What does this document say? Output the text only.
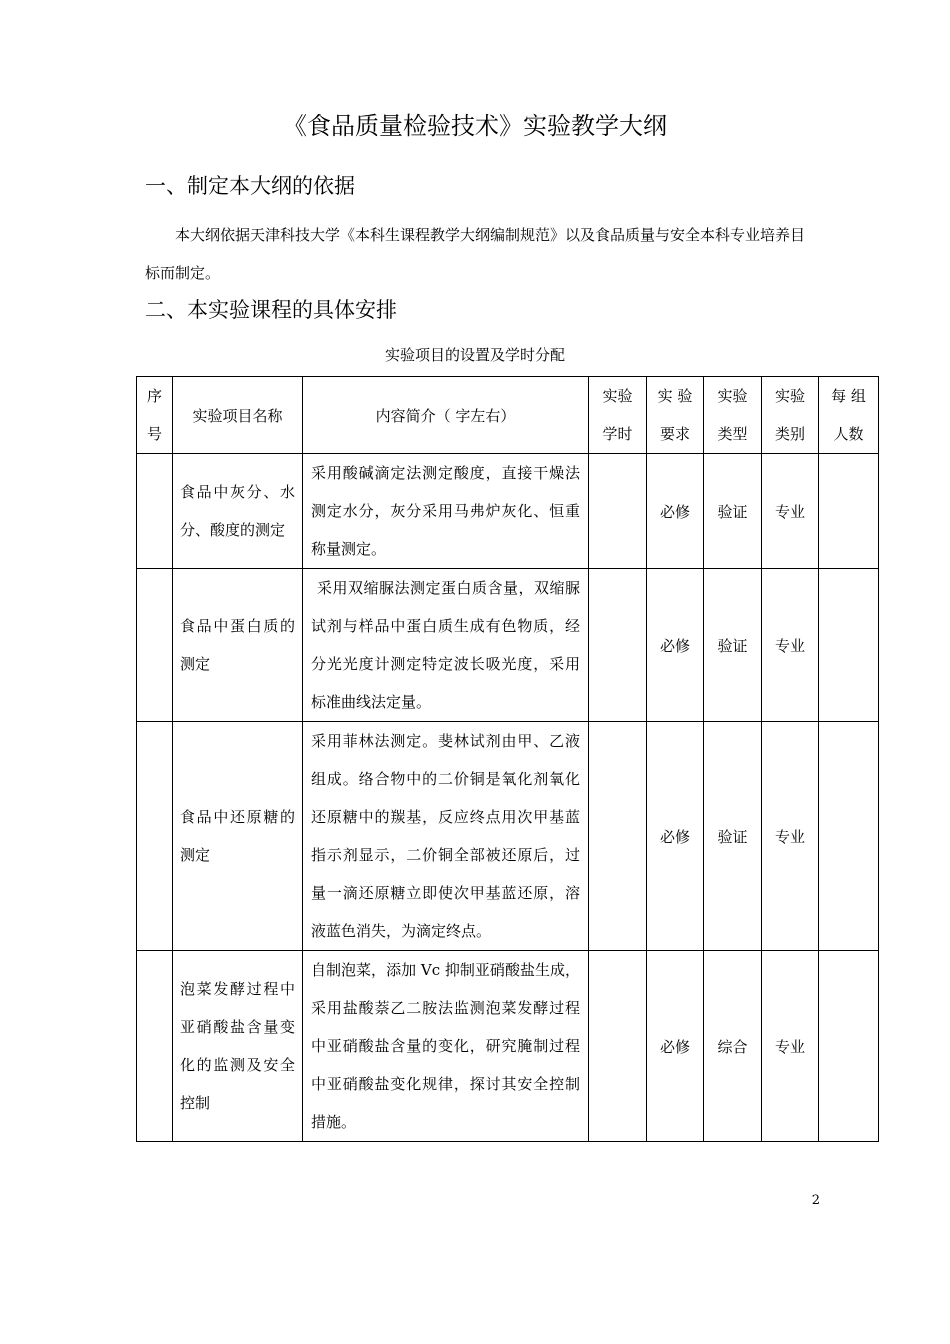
《食品质量检验技术》实验教学大纲
一、制定本大纲的依据

本大纲依据天津科技大学《本科生课程教学大纲编制规范》以及食品质量与安全本科专业培养目标而制定。

二、本实验课程的具体安排
实验项目的设置及学时分配
序号	实验项目名称	内容简介（ 字左右）	实验学时	实 验要求	实验类型	实验类别	每 组人数
	食品中灰分、水分、酸度的测定	采用酸碱滴定法测定酸度，直接干燥法测定水分，灰分采用马弗炉灰化、恒重称量测定。		必修	验证	专业	
	食品中蛋白质的测定	采用双缩脲法测定蛋白质含量，双缩脲试剂与样品中蛋白质生成有色物质，经分光光度计测定特定波长吸光度，采用标准曲线法定量。		必修	验证	专业	
	食品中还原糖的测定	采用菲林法测定。斐林试剂由甲、乙液组成。络合物中的二价铜是氧化剂氧化还原糖中的羰基，反应终点用次甲基蓝指示剂显示，二价铜全部被还原后，过量一滴还原糖立即使次甲基蓝还原，溶液蓝色消失，为滴定终点。		必修	验证	专业	
	泡菜发酵过程中亚硝酸盐含量变化的监测及安全控制	自制泡菜，添加 Vc 抑制亚硝酸盐生成，采用盐酸萘乙二胺法监测泡菜发酵过程中亚硝酸盐含量的变化，研究腌制过程中亚硝酸盐变化规律，探讨其安全控制措施。		必修	综合	专业	
2
